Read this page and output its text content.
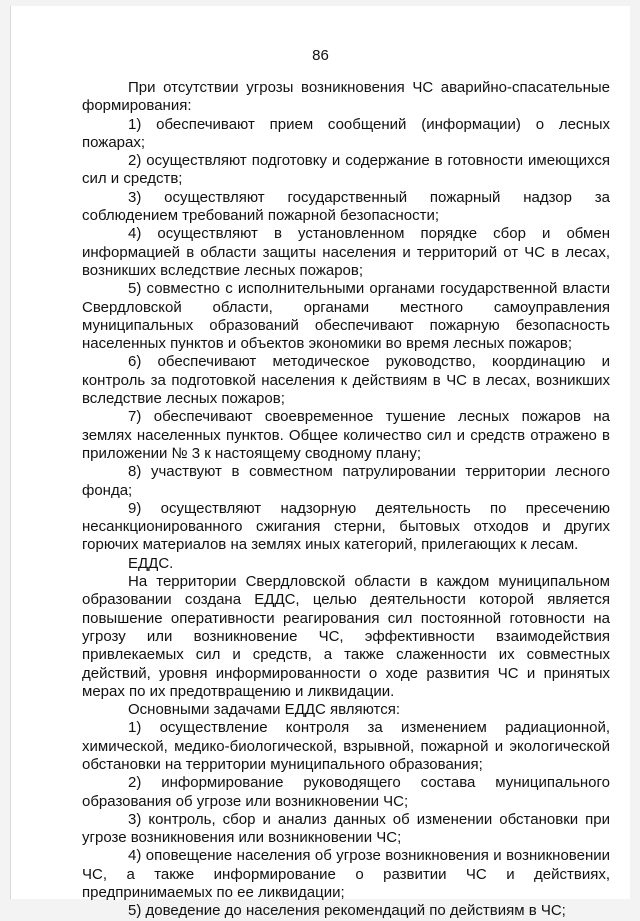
86

При отсутствии угрозы возникновения ЧС аварийно-спасательные формирования:

1) обеспечивают прием сообщений (информации) о лесных пожарах;

2) осуществляют подготовку и содержание в готовности имеющихся сил и средств;

3) осуществляют государственный пожарный надзор за соблюдением требований пожарной безопасности;

4) осуществляют в установленном порядке сбор и обмен информацией в области защиты населения и территорий от ЧС в лесах, возникших вследствие лесных пожаров;

5) совместно с исполнительными органами государственной власти Свердловской области, органами местного самоуправления муниципальных образований обеспечивают пожарную безопасность населенных пунктов и объектов экономики во время лесных пожаров;

6) обеспечивают методическое руководство, координацию и контроль за подготовкой населения к действиям в ЧС в лесах, возникших вследствие лесных пожаров;

7) обеспечивают своевременное тушение лесных пожаров на землях населенных пунктов. Общее количество сил и средств отражено в приложении № 3 к настоящему сводному плану;

8) участвуют в совместном патрулировании территории лесного фонда;

9) осуществляют надзорную деятельность по пресечению несанкционированного сжигания стерни, бытовых отходов и других горючих материалов на землях иных категорий, прилегающих к лесам.

ЕДДС.

На территории Свердловской области в каждом муниципальном образовании создана ЕДДС, целью деятельности которой является повышение оперативности реагирования сил постоянной готовности на угрозу или возникновение ЧС, эффективности взаимодействия привлекаемых сил и средств, а также слаженности их совместных действий, уровня информированности о ходе развития ЧС и принятых мерах по их предотвращению и ликвидации.

Основными задачами ЕДДС являются:

1) осуществление контроля за изменением радиационной, химической, медико-биологической, взрывной, пожарной и экологической обстановки на территории муниципального образования;

2) информирование руководящего состава муниципального образования об угрозе или возникновении ЧС;

3) контроль, сбор и анализ данных об изменении обстановки при угрозе возникновения или возникновении ЧС;

4) оповещение населения об угрозе возникновения и возникновении ЧС, а также информирование о развитии ЧС и действиях, предпринимаемых по ее ликвидации;

5) доведение до населения рекомендаций по действиям в ЧС;
